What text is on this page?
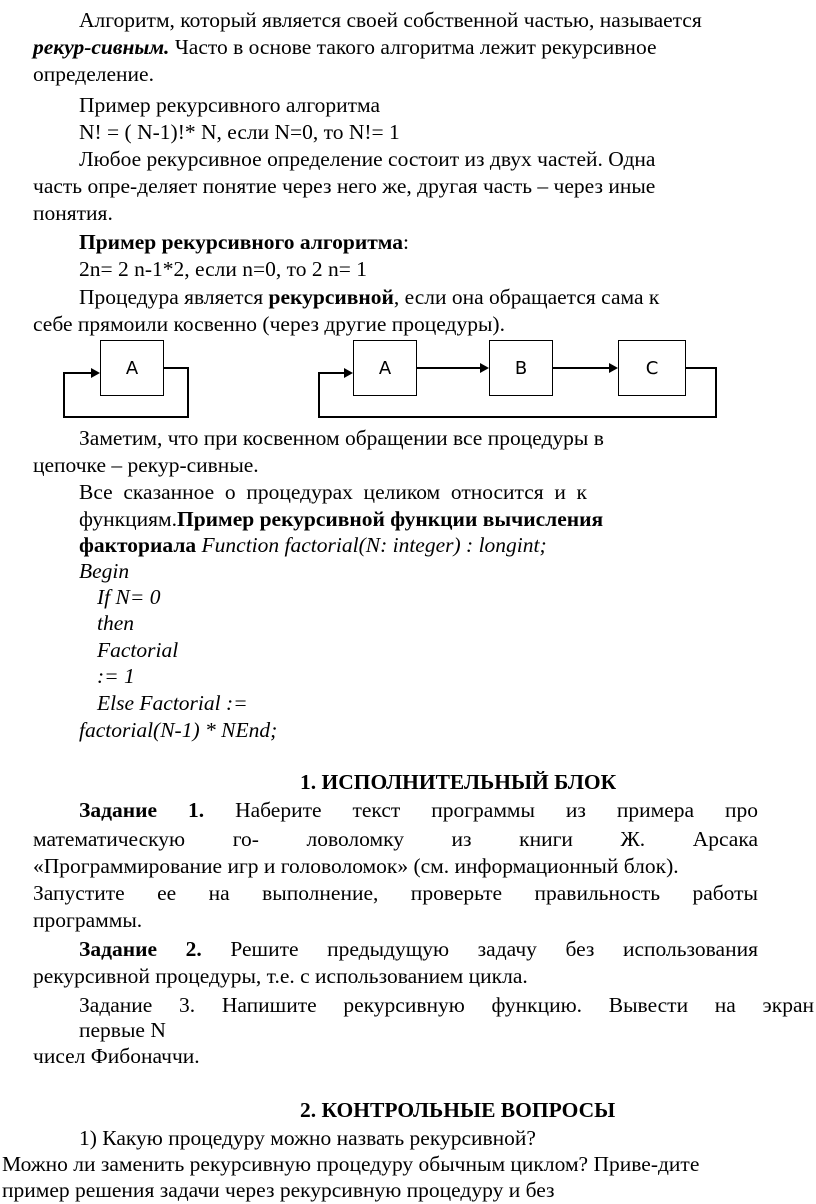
Алгоритм, который является своей собственной частью, называется
рекур-сивным. Часто в основе такого алгоритма лежит рекурсивное
определение.
Пример рекурсивного алгоритма
N! = ( N-1)!* N, если N=0, то N!= 1
Любое рекурсивное определение состоит из двух частей. Одна
часть опре-деляет понятие через него же, другая часть – через иные
понятия.
Пример рекурсивного алгоритма:
2n= 2 n-1*2, если n=0, то 2 n= 1
Процедура является рекурсивной, если она обращается сама к
себе прямоили косвенно (через другие процедуры).
A	A	B	C
Заметим, что при косвенном обращении все процедуры в
цепочке – рекур-сивные.
Все сказанное о процедурах целиком относится и к
функциям.Пример рекурсивной функции вычисления
факториала Function factorial(N: integer) : longint;
Begin
If N= 0
then
Factorial
:= 1
Else Factorial :=
factorial(N-1) * NEnd;
1. ИСПОЛНИТЕЛЬНЫЙ БЛОК
Задание 1. Наберите текст программы из примера про
математическую го- ловоломку из книги Ж. Арсака
«Программирование игр и головоломок» (см. информационный блок).
Запустите ее на выполнение, проверьте правильность работы
программы.
Задание 2. Решите предыдущую задачу без использования
рекурсивной процедуры, т.е. с использованием цикла.
Задание 3. Напишите рекурсивную функцию. Вывести на экран
первые N
чисел Фибоначчи.
2. КОНТРОЛЬНЫЕ ВОПРОСЫ
1) Какую процедуру можно назвать рекурсивной?
Можно ли заменить рекурсивную процедуру обычным циклом? Приве-дите
пример решения задачи через рекурсивную процедуру и без
